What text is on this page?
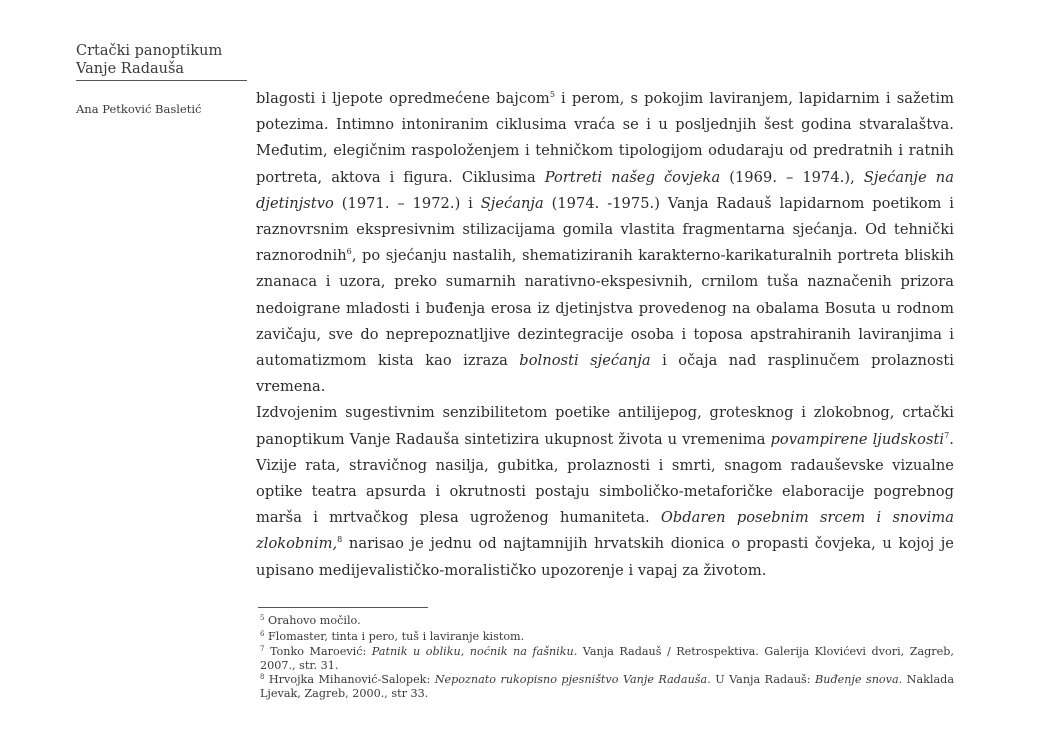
Crtački panoptikum
Vanje Radauša
Ana Petković Basletić

blagosti i ljepote opredmećene bajcom$^5$ i perom, s pokojim laviranjem, lapidarnim i sažetim potezima. Intimno intoniranim ciklusima vraća se i u posljednjih šest godina stvaralaštva. Međutim, elegičnim raspoloženjem i tehničkom tipologijom odudaraju od predratnih i ratnih portreta, aktova i figura. Ciklusima Portreti našeg čovjeka (1969. – 1974.), Sjećanje na djetinjstvo (1971. – 1972.) i Sjećanja (1974. -1975.) Vanja Radauš lapidarnom poetikom i raznovrsnim ekspresivnim stilizacijama gomila vlastita fragmentarna sjećanja. Od tehnički raznorodnih$^6$, po sjećanju nastalih, shematiziranih karakterno-karikaturalnih portreta bliskih znanaca i uzora, preko sumarnih narativno-ekspesivnih, crnilom tuša naznačenih prizora nedoigrane mladosti i buđenja erosa iz djetinjstva provedenog na obalama Bosuta u rodnom zavičaju, sve do neprepoznatljive dezintegracije osoba i toposa apstrahiranih laviranjima i automatizmom kista kao izraza bolnosti sjećanja i očaja nad rasplinučem prolaznosti vremena.

Izdvojenim sugestivnim senzibilitetom poetike antilijepog, grotesknog i zlokobnog, crtački panoptikum Vanje Radauša sintetizira ukupnost života u vremenima povampirene ljudskosti$^7$. Vizije rata, stravičnog nasilja, gubitka, prolaznosti i smrti, snagom radauševske vizualne optike teatra apsurda i okrutnosti postaju simboličko-metaforičke elaboracije pogrebnog marša i mrtvačkog plesa ugroženog humaniteta. Obdaren posebnim srcem i snovima zlokobnim,$^8$ narisao je jednu od najtamnijih hrvatskih dionica o propasti čovjeka, u kojoj je upisano medijevalističko-moralističko upozorenje i vapaj za životom.

$^5$ Orahovo močilo.
$^6$ Flomaster, tinta i pero, tuš i laviranje kistom.
$^7$ Tonko Maroević: Patnik u obliku, noćnik na fašniku. Vanja Radauš / Retrospektiva. Galerija Klovićevi dvori, Zagreb, 2007., str. 31.
$^8$ Hrvojka Mihanović-Salopek: Nepoznato rukopisno pjesništvo Vanje Radauša. U Vanja Radauš: Buđenje snova. Naklada Ljevak, Zagreb, 2000., str 33.
